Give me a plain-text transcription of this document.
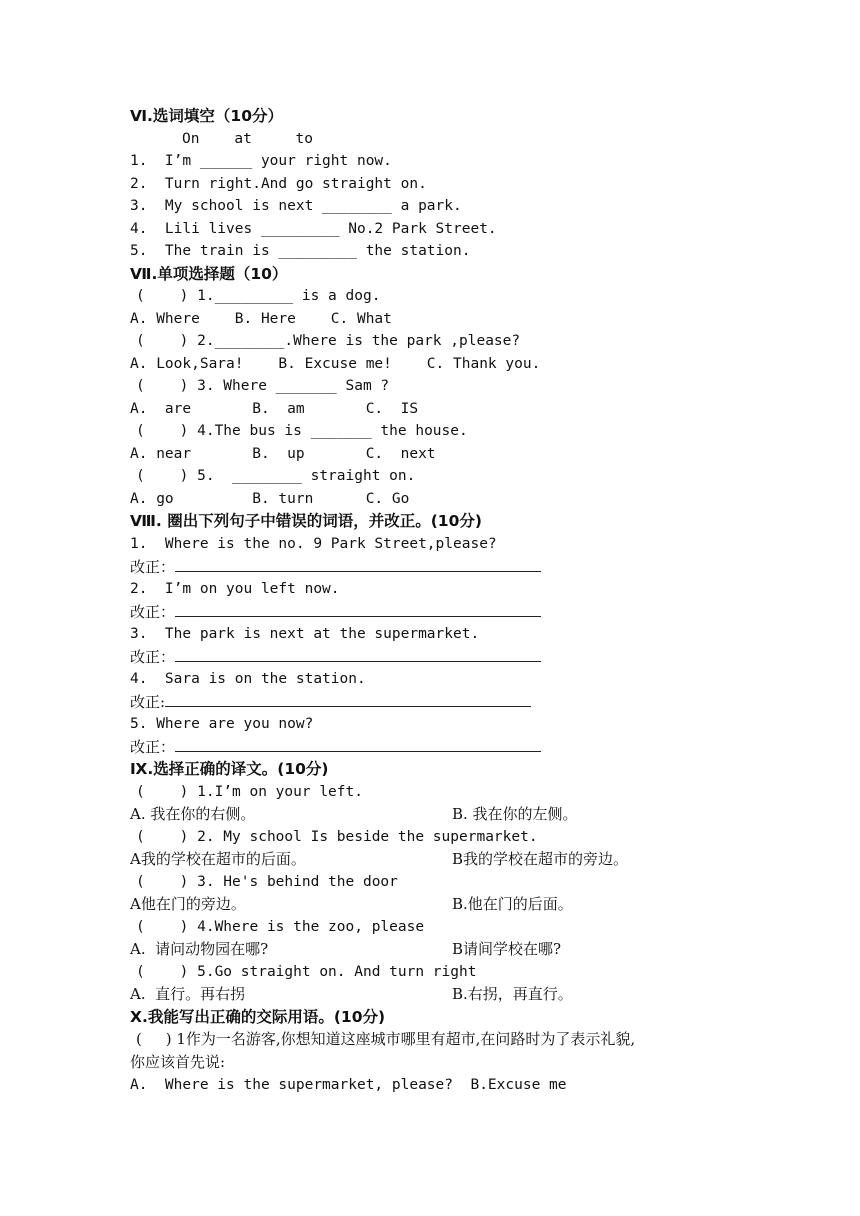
Ⅵ.选词填空（10分）
On    at     to
1.  I’m ______ your right now.
2.  Turn right.And go straight on.
3.  My school is next ________ a park.
4.  Lili lives _________ No.2 Park Street.
5.  The train is _________ the station.
Ⅶ.单项选择题（10）
(    ) 1._________ is a dog.
A. Where    B. Here    C. What
(    ) 2.________.Where is the park ,please?
A. Look,Sara!    B. Excuse me!    C. Thank you.
(    ) 3. Where _______ Sam ?
A.  are       B.  am       C.  IS
(    ) 4.The bus is _______ the house.
A. near       B.  up       C.  next
(    ) 5.  ________ straight on.
A. go         B. turn      C. Go
Ⅷ. 圈出下列句子中错误的词语，并改正。(10分)
1.  Where is the no. 9 Park Street,please?
改正：
2.  I’m on you left now.
改正：
3.  The park is next at the supermarket.
改正：
4.  Sara is on the station.
改正:
5. Where are you now?
改正：
Ⅸ.选择正确的译文。(10分)
(    ) 1.I’m on your left.
A. 我在你的右侧。	B. 我在你的左侧。
(    ) 2. My school Is beside the supermarket.
A我的学校在超市的后面。	B我的学校在超市的旁边。
(    ) 3. He's behind the door
A他在门的旁边。	B.他在门的后面。
(    ) 4.Where is the zoo, please
A.  请问动物园在哪?	B请间学校在哪?
(    ) 5.Go straight on. And turn right
A.  直行。再右拐	B.右拐，再直行。
Ⅹ.我能写出正确的交际用语。(10分)
(     ) 1作为一名游客,你想知道这座城市哪里有超市,在问路时为了表示礼貌,
你应该首先说:
A.  Where is the supermarket, please?  B.Excuse me
